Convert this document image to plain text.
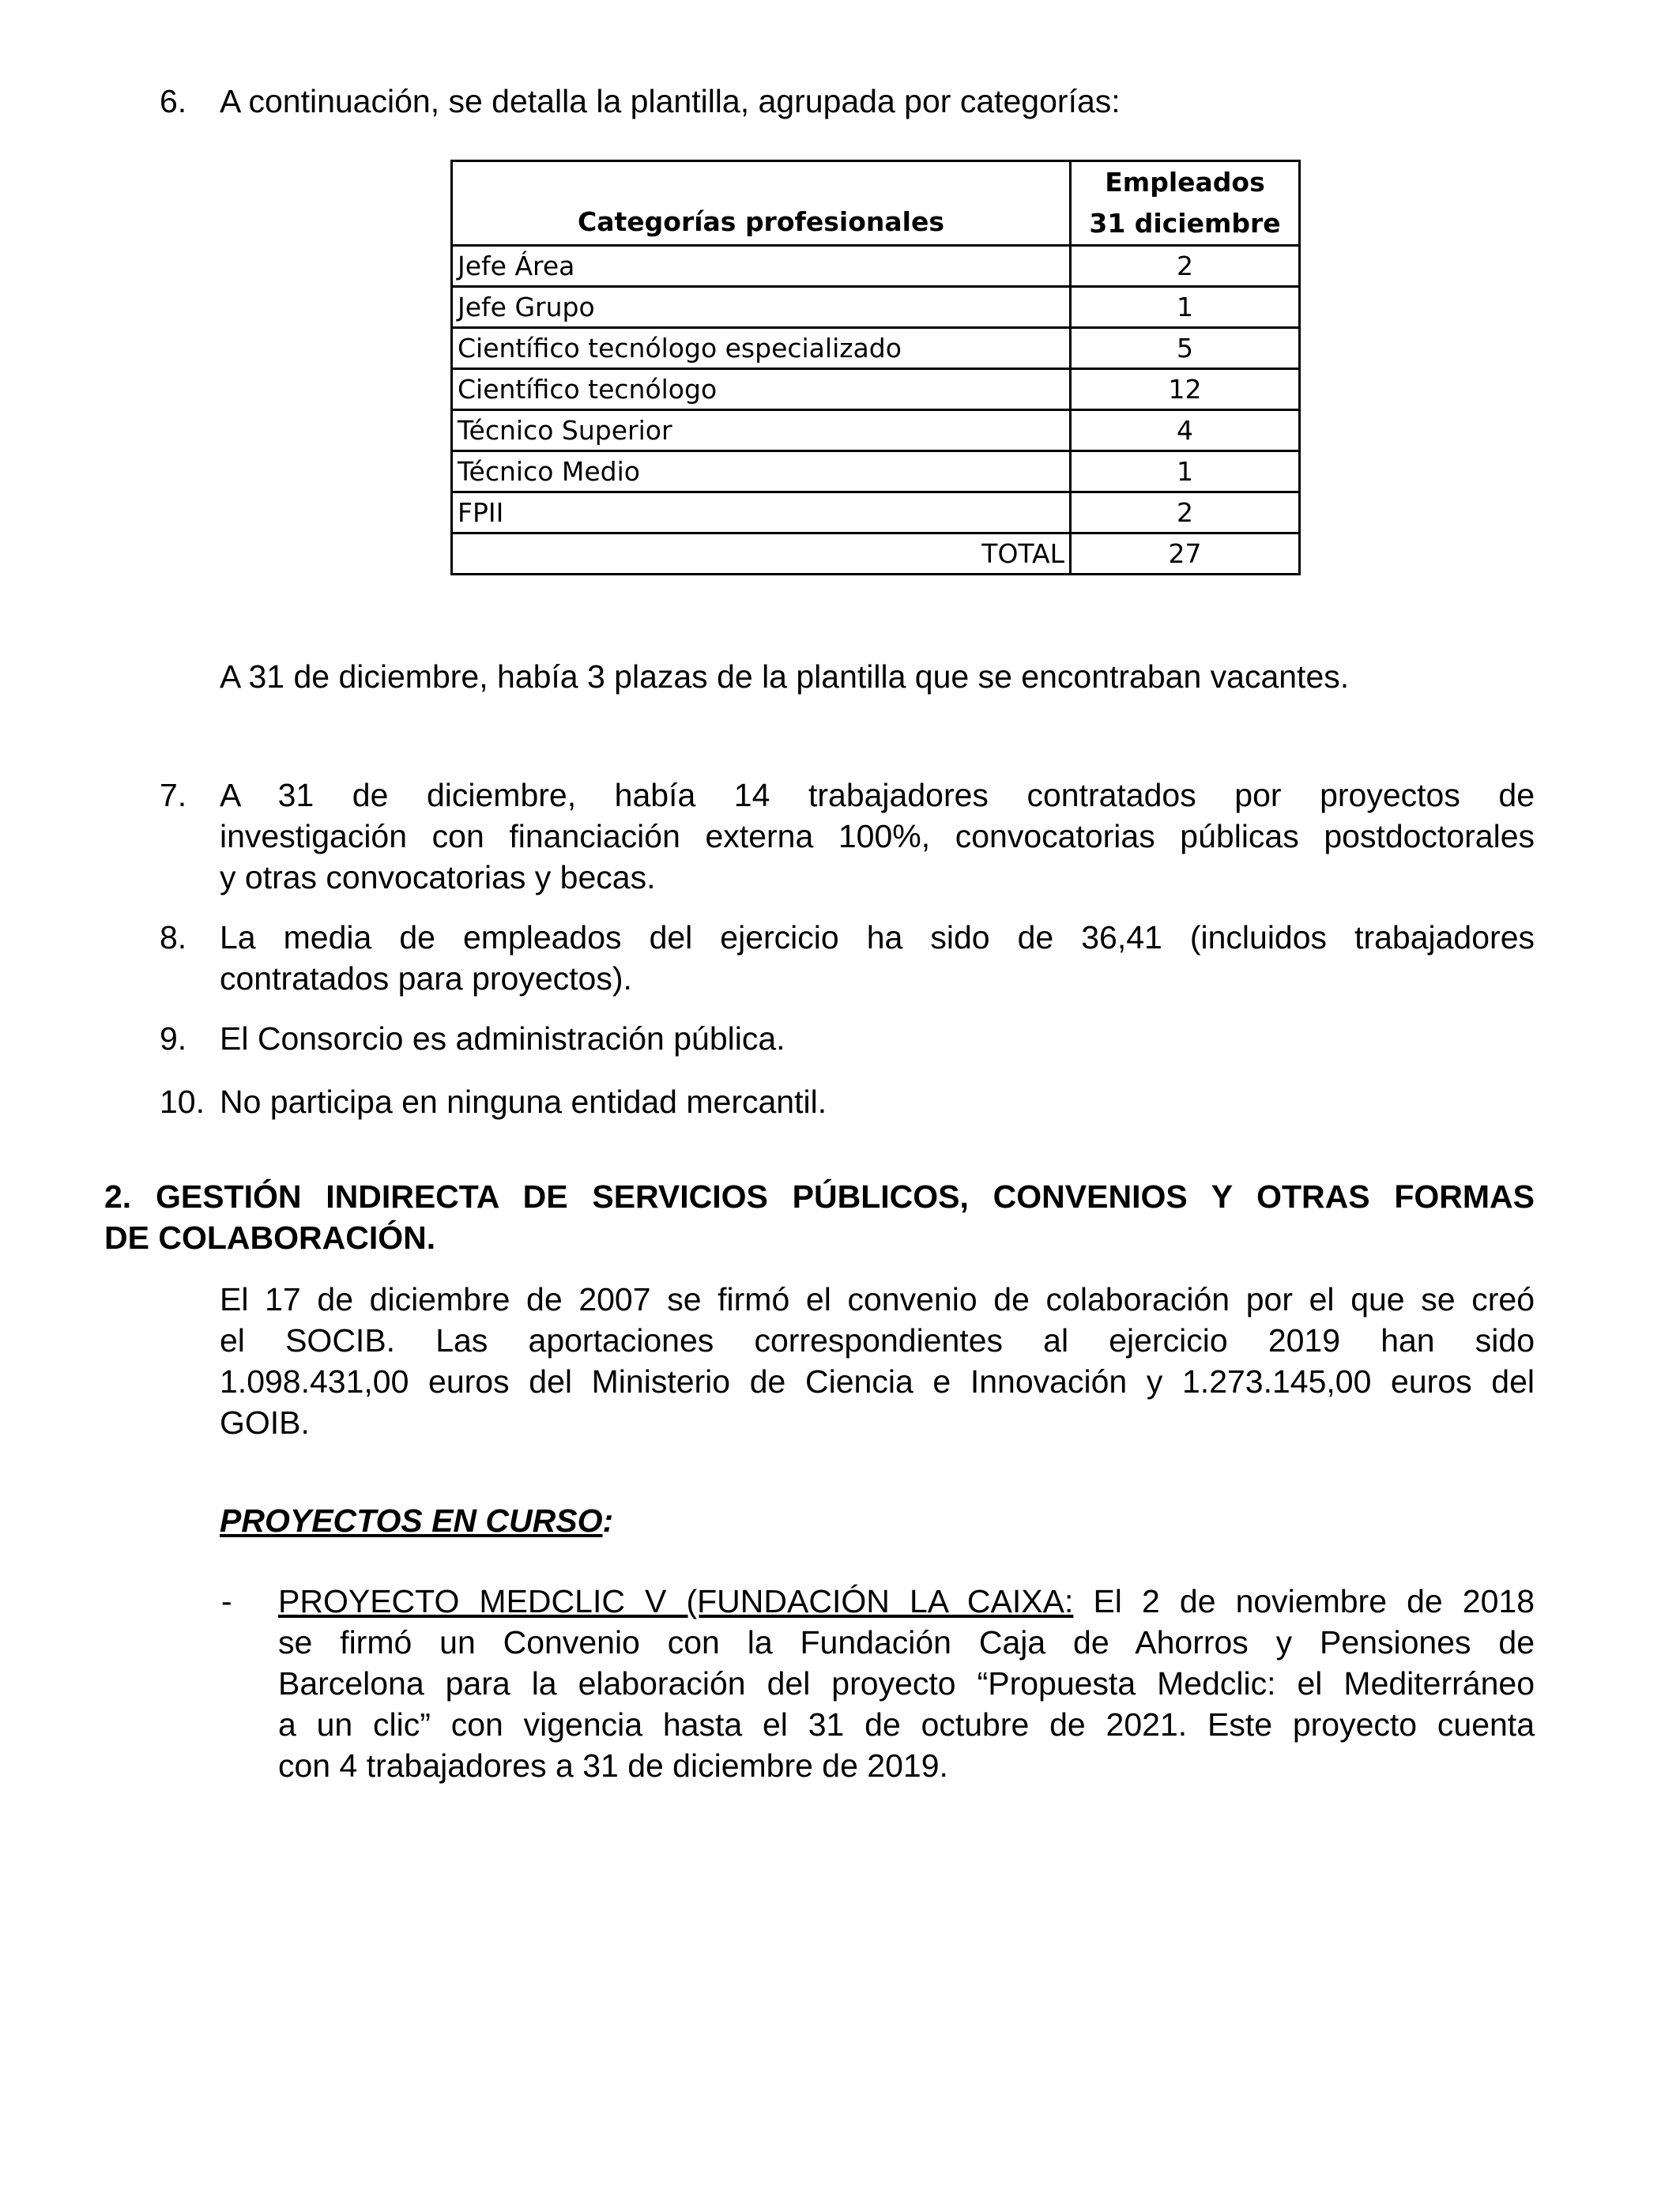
6.	A continuación, se detalla la plantilla, agrupada por categorías:
Categorías profesionales	Empleados
31 diciembre

Jefe Área	2
Jefe Grupo	1
Científico tecnólogo especializado	5
Científico tecnólogo	12
Técnico Superior	4
Técnico Medio	1
FPII	2
TOTAL	27
A 31 de diciembre, había 3 plazas de la plantilla que se encontraban vacantes.
7.	A 31 de diciembre, había 14 trabajadores contratados por proyectos de
investigación con financiación externa 100%, convocatorias públicas postdoctorales
y otras convocatorias y becas.
8.	La media de empleados del ejercicio ha sido de 36,41 (incluidos trabajadores
contratados para proyectos).
9.	El Consorcio es administración pública.
10. No participa en ninguna entidad mercantil.
2. GESTIÓN INDIRECTA DE SERVICIOS PÚBLICOS, CONVENIOS Y OTRAS FORMAS
DE COLABORACIÓN.
El 17 de diciembre de 2007 se firmó el convenio de colaboración por el que se creó
el SOCIB. Las aportaciones correspondientes al ejercicio 2019 han sido
1.098.431,00 euros del Ministerio de Ciencia e Innovación y 1.273.145,00 euros del
GOIB.
PROYECTOS EN CURSO:
- PROYECTO MEDCLIC V (FUNDACIÓN LA CAIXA: El 2 de noviembre de 2018
se firmó un Convenio con la Fundación Caja de Ahorros y Pensiones de
Barcelona para la elaboración del proyecto “Propuesta Medclic: el Mediterráneo
a un clic” con vigencia hasta el 31 de octubre de 2021. Este proyecto cuenta
con 4 trabajadores a 31 de diciembre de 2019.
